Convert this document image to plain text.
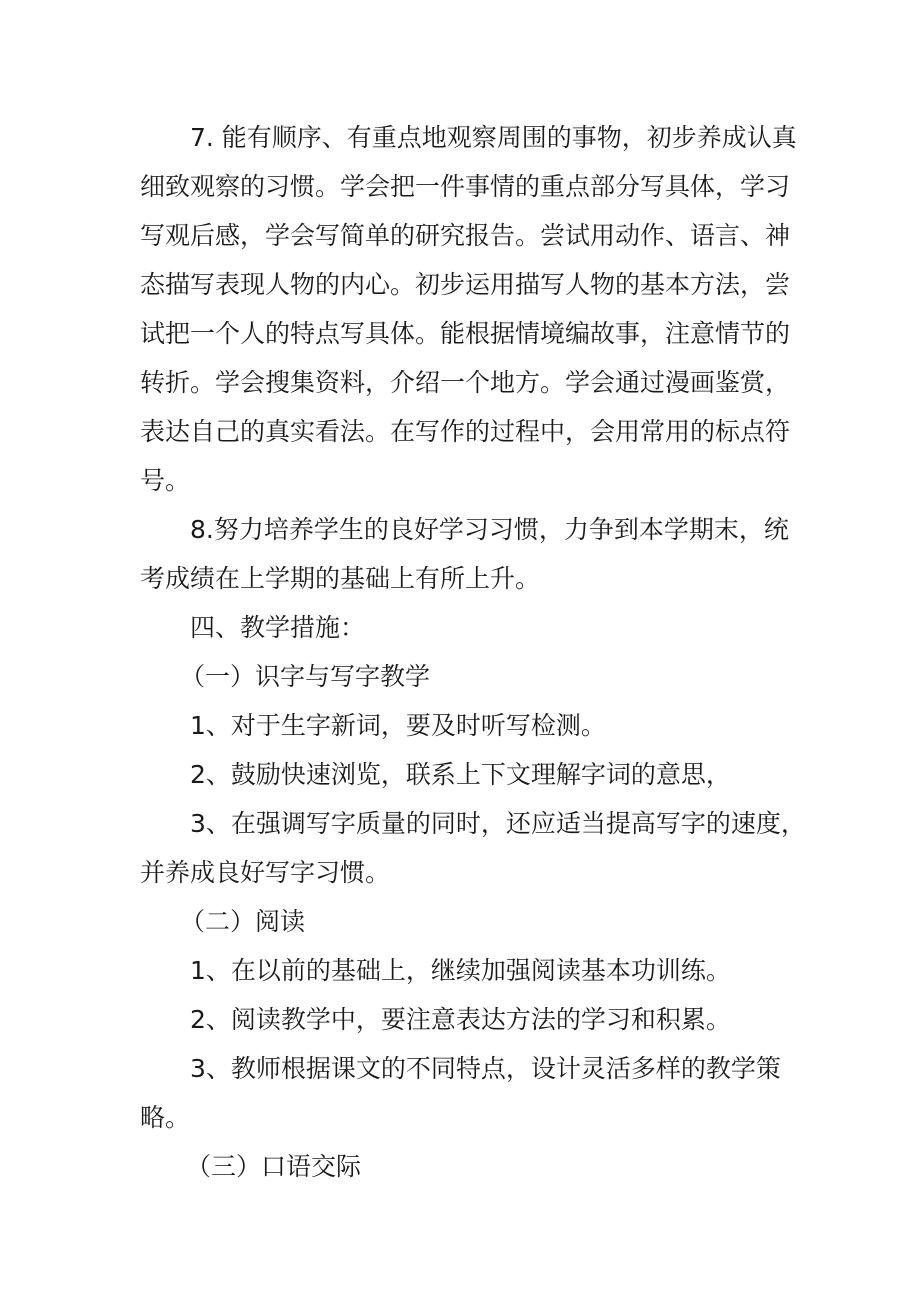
7. 能有顺序、有重点地观察周围的事物，初步养成认真
细致观察的习惯。学会把一件事情的重点部分写具体，学习
写观后感，学会写简单的研究报告。尝试用动作、语言、神
态描写表现人物的内心。初步运用描写人物的基本方法，尝
试把一个人的特点写具体。能根据情境编故事，注意情节的
转折。学会搜集资料，介绍一个地方。学会通过漫画鉴赏，
表达自己的真实看法。在写作的过程中，会用常用的标点符
号。
8.努力培养学生的良好学习习惯，力争到本学期末，统
考成绩在上学期的基础上有所上升。
四、教学措施：
（一）识字与写字教学
1、对于生字新词，要及时听写检测。
2、鼓励快速浏览，联系上下文理解字词的意思，
3、在强调写字质量的同时，还应适当提高写字的速度，
并养成良好写字习惯。
（二）阅读
1、在以前的基础上，继续加强阅读基本功训练。
2、阅读教学中，要注意表达方法的学习和积累。
3、教师根据课文的不同特点，设计灵活多样的教学策
略。
（三）口语交际
